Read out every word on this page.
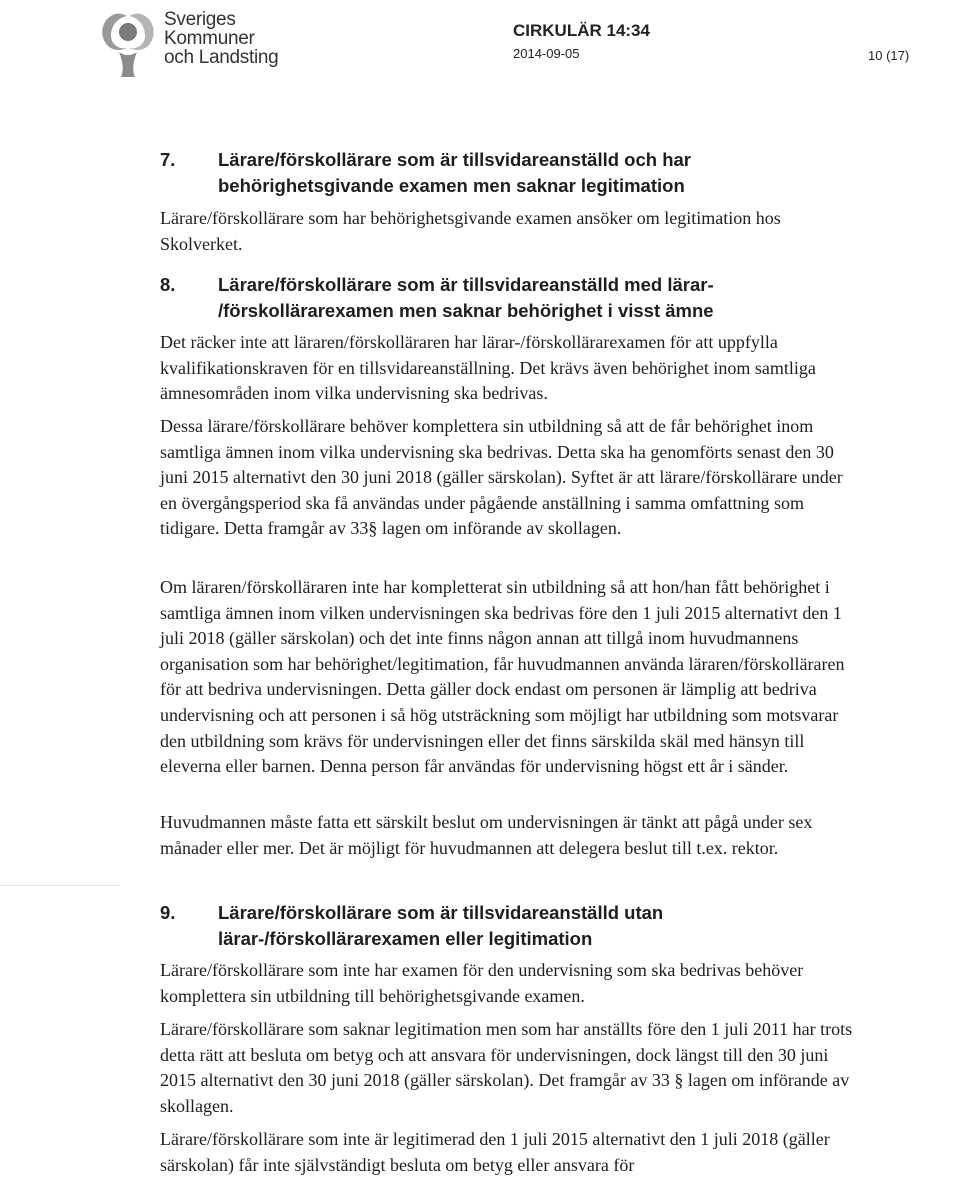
Sveriges
Kommuner
och Landsting
CIRKULÄR 14:34
2014-09-05	10 (17)
7. Lärare/förskollärare som är tillsvidareanställd och har behörighetsgivande examen men saknar legitimation

Lärare/förskollärare som har behörighetsgivande examen ansöker om legitimation hos Skolverket.

8. Lärare/förskollärare som är tillsvidareanställd med lärar- /förskollärarexamen men saknar behörighet i visst ämne

Det räcker inte att läraren/förskolläraren har lärar-/förskollärarexamen för att uppfylla kvalifikationskraven för en tillsvidareanställning. Det krävs även behörighet inom samtliga ämnesområden inom vilka undervisning ska bedrivas.

Dessa lärare/förskollärare behöver komplettera sin utbildning så att de får behörighet inom samtliga ämnen inom vilka undervisning ska bedrivas. Detta ska ha genomförts senast den 30 juni 2015 alternativt den 30 juni 2018 (gäller särskolan). Syftet är att lärare/förskollärare under en övergångsperiod ska få användas under pågående anställning i samma omfattning som tidigare. Detta framgår av 33§ lagen om införande av skollagen.

Om läraren/förskolläraren inte har kompletterat sin utbildning så att hon/han fått behörighet i samtliga ämnen inom vilken undervisningen ska bedrivas före den 1 juli 2015 alternativt den 1 juli 2018 (gäller särskolan) och det inte finns någon annan att tillgå inom huvudmannens organisation som har behörighet/legitimation, får huvudmannen använda läraren/förskolläraren för att bedriva undervisningen. Detta gäller dock endast om personen är lämplig att bedriva undervisning och att personen i så hög utsträckning som möjligt har utbildning som motsvarar den utbildning som krävs för undervisningen eller det finns särskilda skäl med hänsyn till eleverna eller barnen. Denna person får användas för undervisning högst ett år i sänder.

Huvudmannen måste fatta ett särskilt beslut om undervisningen är tänkt att pågå under sex månader eller mer. Det är möjligt för huvudmannen att delegera beslut till t.ex. rektor.

9. Lärare/förskollärare som är tillsvidareanställd utan lärar-/förskollärarexamen eller legitimation

Lärare/förskollärare som inte har examen för den undervisning som ska bedrivas behöver komplettera sin utbildning till behörighetsgivande examen.

Lärare/förskollärare som saknar legitimation men som har anställts före den 1 juli 2011 har trots detta rätt att besluta om betyg och att ansvara för undervisningen, dock längst till den 30 juni 2015 alternativt den 30 juni 2018 (gäller särskolan). Det framgår av 33 § lagen om införande av skollagen.

Lärare/förskollärare som inte är legitimerad den 1 juli 2015 alternativt den 1 juli 2018 (gäller särskolan) får inte självständigt besluta om betyg eller ansvara för
